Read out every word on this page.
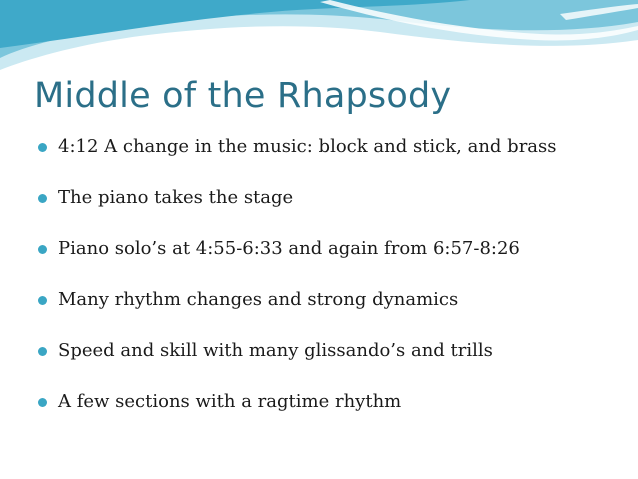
Middle of the Rhapsody
4:12 A change in the music: block and stick, and brass
The piano takes the stage
Piano solo’s at 4:55-6:33 and again from 6:57-8:26
Many rhythm changes and strong dynamics
Speed and skill with many glissando’s and trills
A few sections with a ragtime rhythm
